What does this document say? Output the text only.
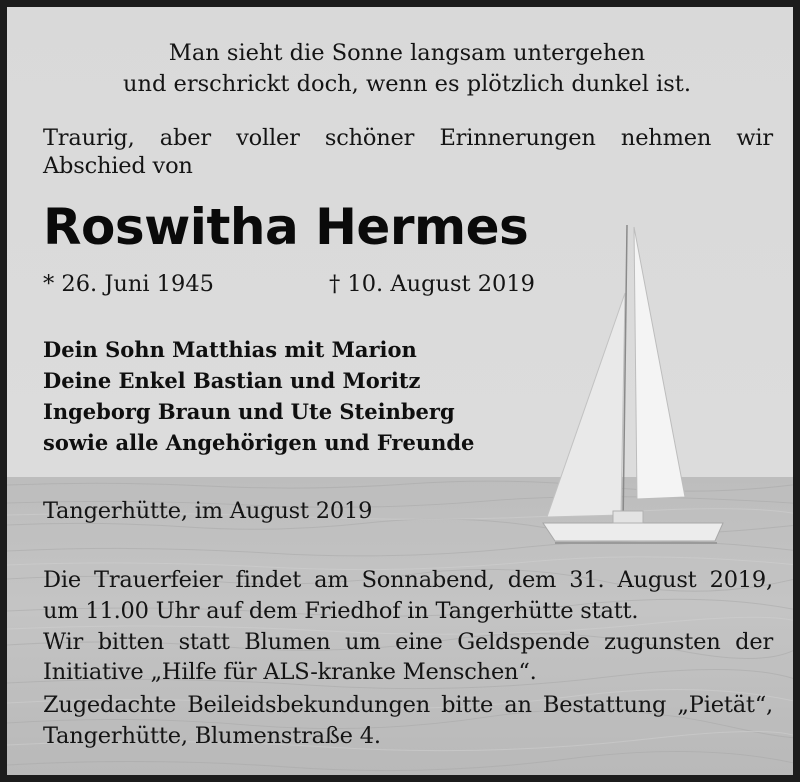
Man sieht die Sonne langsam untergehen
und erschrickt doch, wenn es plötzlich dunkel ist.

Traurig, aber voller schöner Erinnerungen nehmen wir

Abschied von

Roswitha Hermes
* 26. Juni 1945	† 10. August 2019
Dein Sohn Matthias mit Marion
Deine Enkel Bastian und Moritz
Ingeborg Braun und Ute Steinberg
sowie alle Angehörigen und Freunde

Tangerhütte, im August 2019

Die Trauerfeier findet am Sonnabend, dem 31. August 2019,

um 11.00 Uhr auf dem Friedhof in Tangerhütte statt.

Wir bitten statt Blumen um eine Geldspende zugunsten der

Initiative „Hilfe für ALS-kranke Menschen“.

Zugedachte Beileidsbekundungen bitte an Bestattung „Pietät“,

Tangerhütte, Blumenstraße 4.
